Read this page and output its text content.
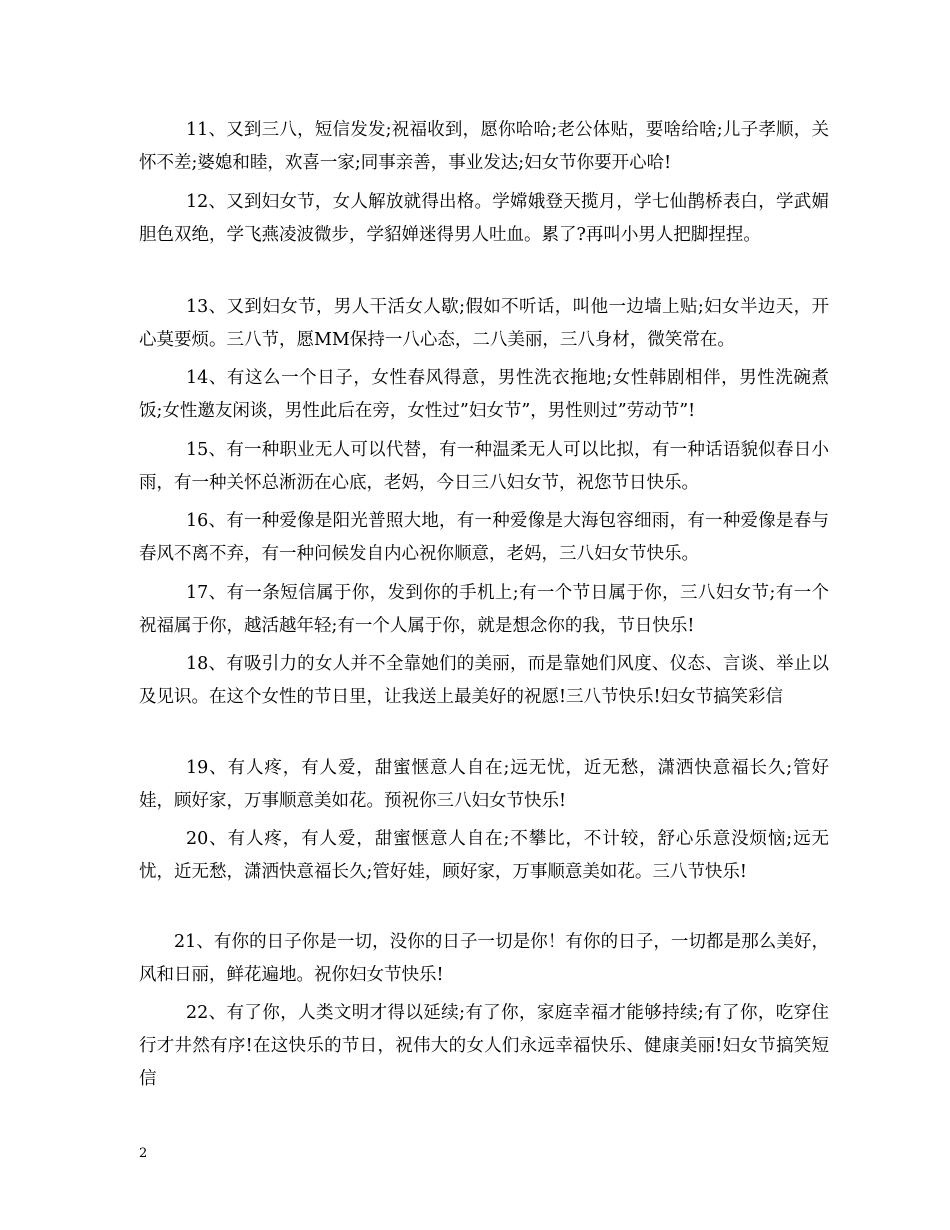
11、又到三八，短信发发;祝福收到，愿你哈哈;老公体贴，要啥给啥;儿子孝顺，关怀不差;婆媳和睦，欢喜一家;同事亲善，事业发达;妇女节你要开心哈!

12、又到妇女节，女人解放就得出格。学嫦娥登天揽月，学七仙鹊桥表白，学武媚胆色双绝，学飞燕凌波微步，学貂婵迷得男人吐血。累了?再叫小男人把脚捏捏。

13、又到妇女节，男人干活女人歇;假如不听话，叫他一边墙上贴;妇女半边天，开心莫要烦。三八节，愿MM保持一八心态，二八美丽，三八身材，微笑常在。

14、有这么一个日子，女性春风得意，男性洗衣拖地;女性韩剧相伴，男性洗碗煮饭;女性邀友闲谈，男性此后在旁，女性过”妇女节”，男性则过”劳动节”!

15、有一种职业无人可以代替，有一种温柔无人可以比拟，有一种话语貌似春日小雨，有一种关怀总淅沥在心底，老妈，今日三八妇女节，祝您节日快乐。

16、有一种爱像是阳光普照大地，有一种爱像是大海包容细雨，有一种爱像是春与春风不离不弃，有一种问候发自内心祝你顺意，老妈，三八妇女节快乐。

17、有一条短信属于你，发到你的手机上;有一个节日属于你，三八妇女节;有一个祝福属于你，越活越年轻;有一个人属于你，就是想念你的我，节日快乐!

18、有吸引力的女人并不全靠她们的美丽，而是靠她们风度、仪态、言谈、举止以及见识。在这个女性的节日里，让我送上最美好的祝愿!三八节快乐!妇女节搞笑彩信

19、有人疼，有人爱，甜蜜惬意人自在;远无忧，近无愁，潇洒快意福长久;管好娃，顾好家，万事顺意美如花。预祝你三八妇女节快乐!

20、有人疼，有人爱，甜蜜惬意人自在;不攀比，不计较，舒心乐意没烦恼;远无忧，近无愁，潇洒快意福长久;管好娃，顾好家，万事顺意美如花。三八节快乐!

21、有你的日子你是一切，没你的日子一切是你！有你的日子，一切都是那么美好，风和日丽，鲜花遍地。祝你妇女节快乐!

22、有了你，人类文明才得以延续;有了你，家庭幸福才能够持续;有了你，吃穿住行才井然有序!在这快乐的节日，祝伟大的女人们永远幸福快乐、健康美丽!妇女节搞笑短信

2
